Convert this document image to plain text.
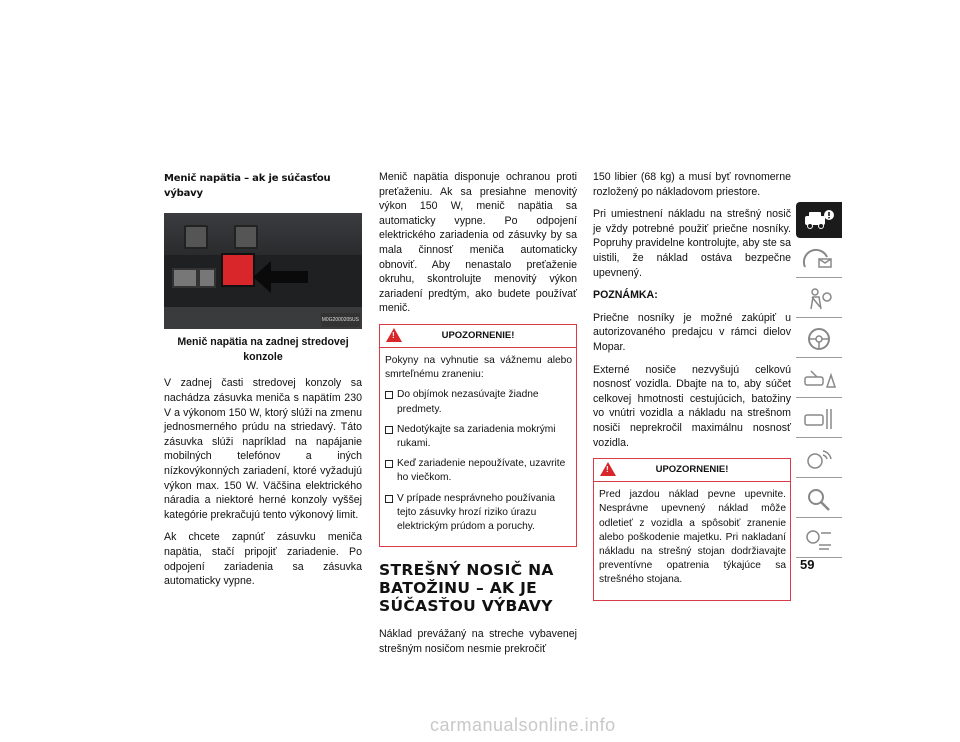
Menič napätia – ak je súčasťou výbavy
M0G2000205US
Menič napätia na zadnej stredovej konzole

V zadnej časti stredovej konzoly sa nachádza zásuvka meniča s napätím 230 V a výkonom 150 W, ktorý slúži na zmenu jednosmerného prúdu na striedavý. Táto zásuvka slúži napríklad na napájanie mobilných telefónov a iných nízkovýkonných zariadení, ktoré vyžadujú výkon max. 150 W. Väčšina elektrického náradia a niektoré herné konzoly vyššej kategórie prekračujú tento výkonový limit.

Ak chcete zapnúť zásuvku meniča napätia, stačí pripojiť zariadenie. Po odpojení zariadenia sa zásuvka automaticky vypne.

Menič napätia disponuje ochranou proti preťaženiu. Ak sa presiahne menovitý výkon 150 W, menič napätia sa automaticky vypne. Po odpojení elektrického zariadenia od zásuvky by sa mala činnosť meniča automaticky obnoviť. Aby nenastalo preťaženie okruhu, skontrolujte menovitý výkon zariadení predtým, ako budete používať menič.

!	UPOZORNENIE!

Pokyny na vyhnutie sa vážnemu alebo smrteľnému zraneniu:

Do objímok nezasúvajte žiadne predmety.
Nedotýkajte sa zariadenia mokrými rukami.
Keď zariadenie nepoužívate, uzavrite ho viečkom.
V prípade nesprávneho používania tejto zásuvky hrozí riziko úrazu elektrickým prúdom a poruchy.
STREŠNÝ NOSIČ NA BATOŽINU – AK JE SÚČASŤOU VÝBAVY

Náklad prevážaný na streche vybavenej strešným nosičom nesmie prekročiť

150 libier (68 kg) a musí byť rovnomerne rozložený po nákladovom priestore.

Pri umiestnení nákladu na strešný nosič je vždy potrebné použiť priečne nosníky. Popruhy pravidelne kontrolujte, aby ste sa uistili, že náklad ostáva bezpečne upevnený.

POZNÁMKA:

Priečne nosníky je možné zakúpiť u autorizovaného predajcu v rámci dielov Mopar.

Externé nosiče nezvyšujú celkovú nosnosť vozidla. Dbajte na to, aby súčet celkovej hmotnosti cestujúcich, batožiny vo vnútri vozidla a nákladu na strešnom nosiči neprekročil maximálnu nosnosť vozidla.

!	UPOZORNENIE!

Pred jazdou náklad pevne upevnite. Nesprávne upevnený náklad môže odletieť z vozidla a spôsobiť zranenie alebo poškodenie majetku. Pri nakladaní nákladu na strešný stojan dodržiavajte preventívne opatrenia týkajúce sa strešného stojana.

59
carmanualsonline.info
